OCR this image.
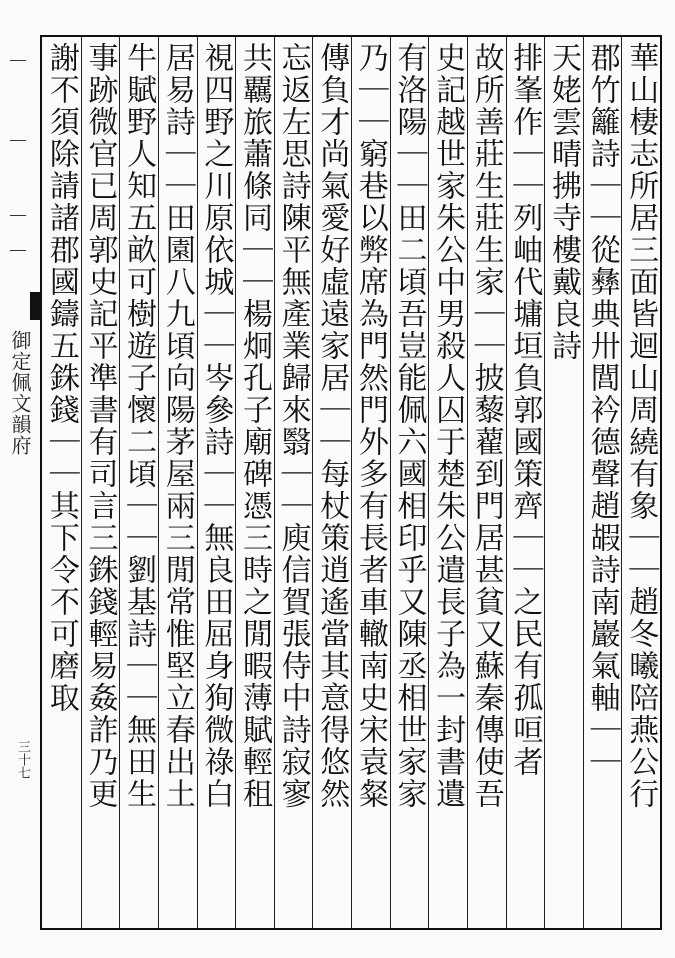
御定佩文韻府
三十七	華山棲志所居三面皆迴山周繞有象｜｜趙冬曦陪燕公行
郡竹籬詩｜｜從彝典卅閭衿德聲趙嘏詩南巖氣軸｜｜
天姥雲晴拂寺樓戴良詩
排峯作｜｜列岫代墉垣負郭國策齊｜｜之民有孤咺者
故所善莊生莊生家｜｜披藜藋到門居甚貧又蘇秦傳使吾
史記越世家朱公中男殺人囚于楚朱公遣長子為一封書遺
有洛陽｜｜田二頃吾豈能佩六國相印乎又陳丞相世家家
乃｜｜窮巷以弊席為門然門外多有長者車轍南史宋袁粲
傳負才尚氣愛好虛遠家居｜｜每杖策逍遙當其意得悠然
忘返左思詩陳平無產業歸來翳｜｜庾信賀張侍中詩寂寥
共覊旅蕭條同｜｜楊炯孔子廟碑憑三時之閒暇薄賦輕租
視四野之川原依城｜｜岑參詩｜｜無良田屈身狥微祿白
居易詩｜｜田園八九頃向陽茅屋兩三閒常惟堅立春出土
牛賦野人知五畝可樹遊子懷二頃｜｜劉基詩｜｜無田生
事跡微官已周郭史記平準書有司言三銖錢輕易姦詐乃更
謝不須除請諸郡國鑄五銖錢｜｜其下令不可磨取
